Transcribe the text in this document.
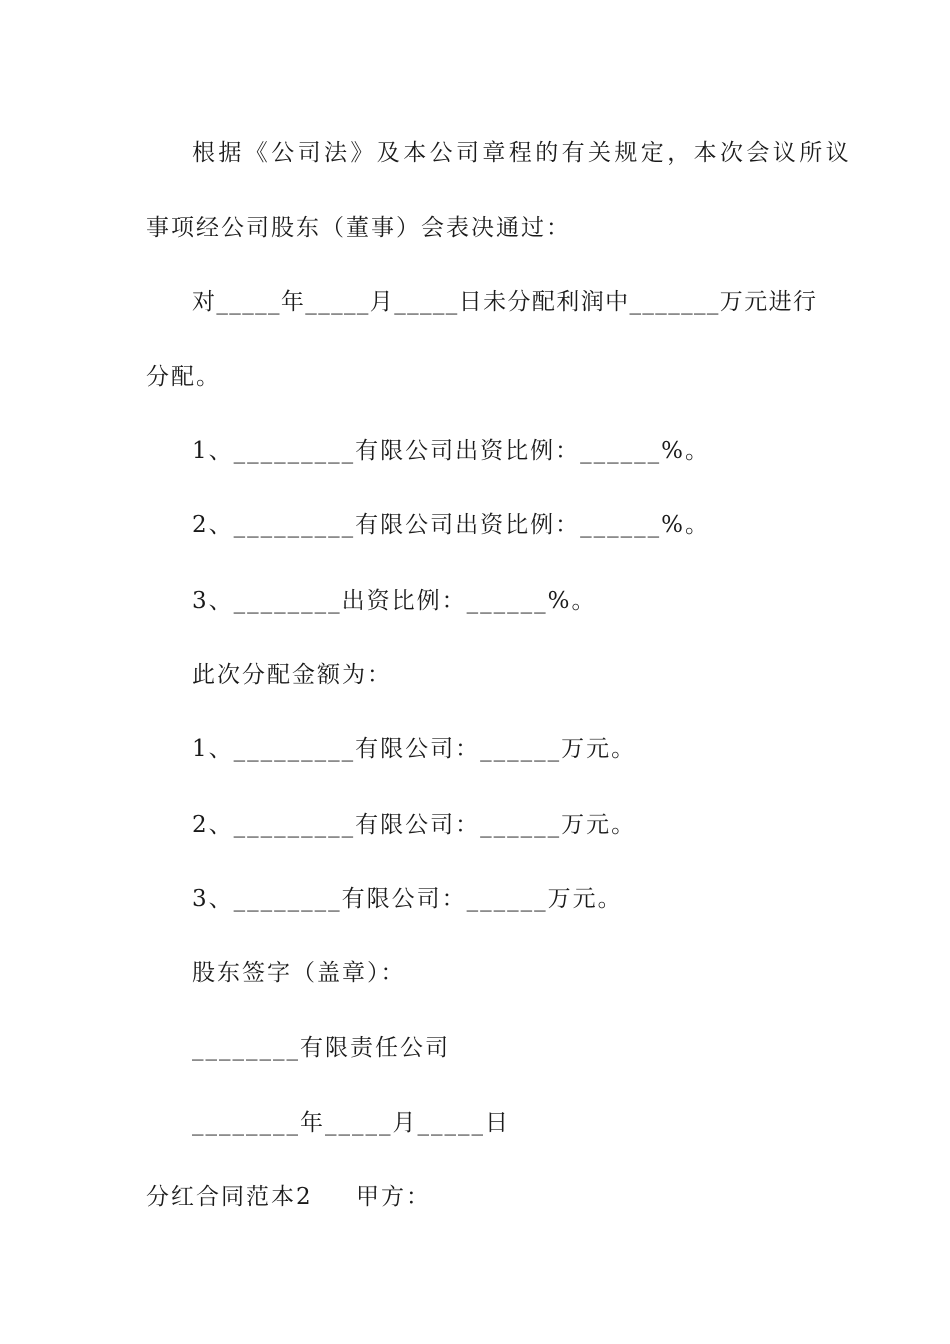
根据《公司法》及本公司章程的有关规定，本次会议所议
事项经公司股东（董事）会表决通过：
对_____年_____月_____日未分配利润中_______万元进行
分配。
1、_________有限公司出资比例：______%。
2、_________有限公司出资比例：______%。
3、________出资比例：______%。
此次分配金额为：
1、_________有限公司：______万元。
2、_________有限公司：______万元。
3、________有限公司：______万元。
股东签字（盖章）：
________有限责任公司
________年_____月_____日
分红合同范本2 甲方：
